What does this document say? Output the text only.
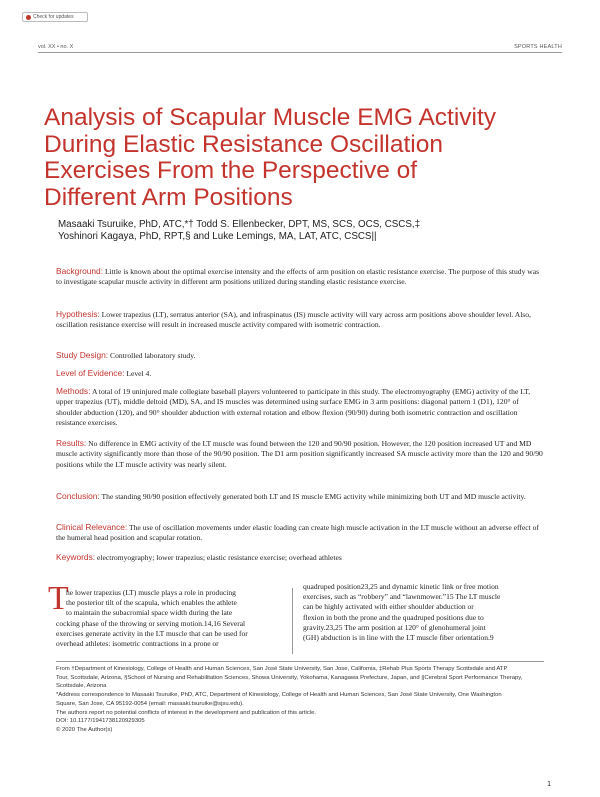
Check for updates
vol. XX • no. X	SPORTS HEALTH
Analysis of Scapular Muscle EMG Activity
During Elastic Resistance Oscillation
Exercises From the Perspective of
Different Arm Positions
Masaaki Tsuruike, PhD, ATC,*† Todd S. Ellenbecker, DPT, MS, SCS, OCS, CSCS,‡
Yoshinori Kagaya, PhD, RPT,§ and Luke Lemings, MA, LAT, ATC, CSCS||
Background: Little is known about the optimal exercise intensity and the effects of arm position on elastic resistance exercise. The purpose of this study was to investigate scapular muscle activity in different arm positions utilized during standing elastic resistance exercise.
Hypothesis: Lower trapezius (LT), serratus anterior (SA), and infraspinatus (IS) muscle activity will vary across arm positions above shoulder level. Also, oscillation resistance exercise will result in increased muscle activity compared with isometric contraction.
Study Design: Controlled laboratory study.
Level of Evidence: Level 4.
Methods: A total of 19 uninjured male collegiate baseball players volunteered to participate in this study. The electromyography (EMG) activity of the LT, upper trapezius (UT), middle deltoid (MD), SA, and IS muscles was determined using surface EMG in 3 arm positions: diagonal pattern 1 (D1), 120° of shoulder abduction (120), and 90° shoulder abduction with external rotation and elbow flexion (90/90) during both isometric contraction and oscillation resistance exercises.
Results: No difference in EMG activity of the LT muscle was found between the 120 and 90/90 position. However, the 120 position increased UT and MD muscle activity significantly more than those of the 90/90 position. The D1 arm position significantly increased SA muscle activity more than the 120 and 90/90 positions while the LT muscle activity was nearly silent.
Conclusion: The standing 90/90 position effectively generated both LT and IS muscle EMG activity while minimizing both UT and MD muscle activity.
Clinical Relevance: The use of oscillation movements under elastic loading can create high muscle activation in the LT muscle without an adverse effect of the humeral head position and scapular rotation.
Keywords: electromyography; lower trapezius; elastic resistance exercise; overhead athletes
T
he lower trapezius (LT) muscle plays a role in producing
the posterior tilt of the scapula, which enables the athlete
to maintain the subacromial space width during the late
cocking phase of the throwing or serving motion.14,16 Several
exercises generate activity in the LT muscle that can be used for
overhead athletes: isometric contractions in a prone or
quadruped position23,25 and dynamic kinetic link or free motion
exercises, such as “robbery” and “lawnmower.”15 The LT muscle
can be highly activated with either shoulder abduction or
flexion in both the prone and the quadruped positions due to
gravity.23,25 The arm position at 120° of glenohumeral joint
(GH) abduction is in line with the LT muscle fiber orientation.9
From †Department of Kinesiology, College of Health and Human Sciences, San José State University, San Jose, California, ‡Rehab Plus Sports Therapy Scottsdale and ATP
Tour, Scottsdale, Arizona, §School of Nursing and Rehabilitation Sciences, Showa University, Yokohama, Kanagawa Prefecture, Japan, and ||Cerebral Sport Performance Therapy,
Scottsdale, Arizona
*Address correspondence to Masaaki Tsuruike, PhD, ATC, Department of Kinesiology, College of Health and Human Sciences, San José State University, One Washington
Square, San Jose, CA 95192-0054 (email: masaaki.tsuruike@sjsu.edu).
The authors report no potential conflicts of interest in the development and publication of this article.
DOI: 10.1177/1941738120929305
© 2020 The Author(s)
1
